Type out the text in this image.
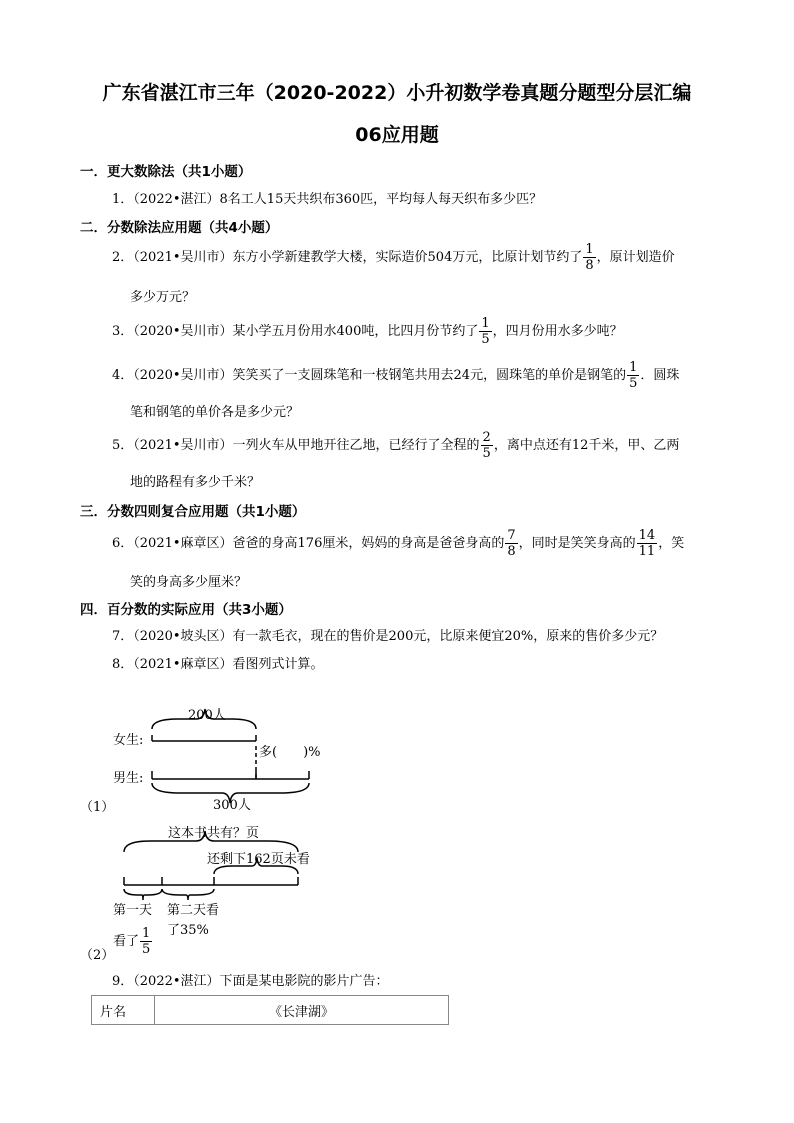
广东省湛江市三年（2020-2022）小升初数学卷真题分题型分层汇编
06应用题
一．更大数除法（共1小题）
1．（2022•湛江）8名工人15天共织布360匹，平均每人每天织布多少匹？
二．分数除法应用题（共4小题）
2．（2021•吴川市）东方小学新建教学大楼，实际造价504万元，比原计划节约了 $\frac{1}{8}$ ，原计划造价
多少万元？
3．（2020•吴川市）某小学五月份用水400吨，比四月份节约了 $\frac{1}{5}$ ，四月份用水多少吨？
4．（2020•吴川市）笑笑买了一支圆珠笔和一枝钢笔共用去24元，圆珠笔的单价是钢笔的 $\frac{1}{5}$ ．圆珠
笔和钢笔的单价各是多少元？
5．（2021•吴川市）一列火车从甲地开往乙地，已经行了全程的 $\frac{2}{5}$ ，离中点还有12千米，甲、乙两
地的路程有多少千米？
三．分数四则复合应用题（共1小题）
6．（2021•麻章区）爸爸的身高176厘米，妈妈的身高是爸爸身高的 $\frac{7}{8}$ ，同时是笑笑身高的 $\frac{14}{11}$ ，笑
笑的身高多少厘米？
四．百分数的实际应用（共3小题）
7．（2020•坡头区）有一款毛衣，现在的售价是200元，比原来便宜20%，原来的售价多少元？
8．（2021•麻章区）看图列式计算。
200人
女生:
多(　　)%
男生:
300人
（1）
这本书共有？页
还剩下162页未看
第一天
看了 $\frac{1}{5}$
第二天看
了35%
（2）
9．（2022•湛江）下面是某电影院的影片广告：
片名	《长津湖》
